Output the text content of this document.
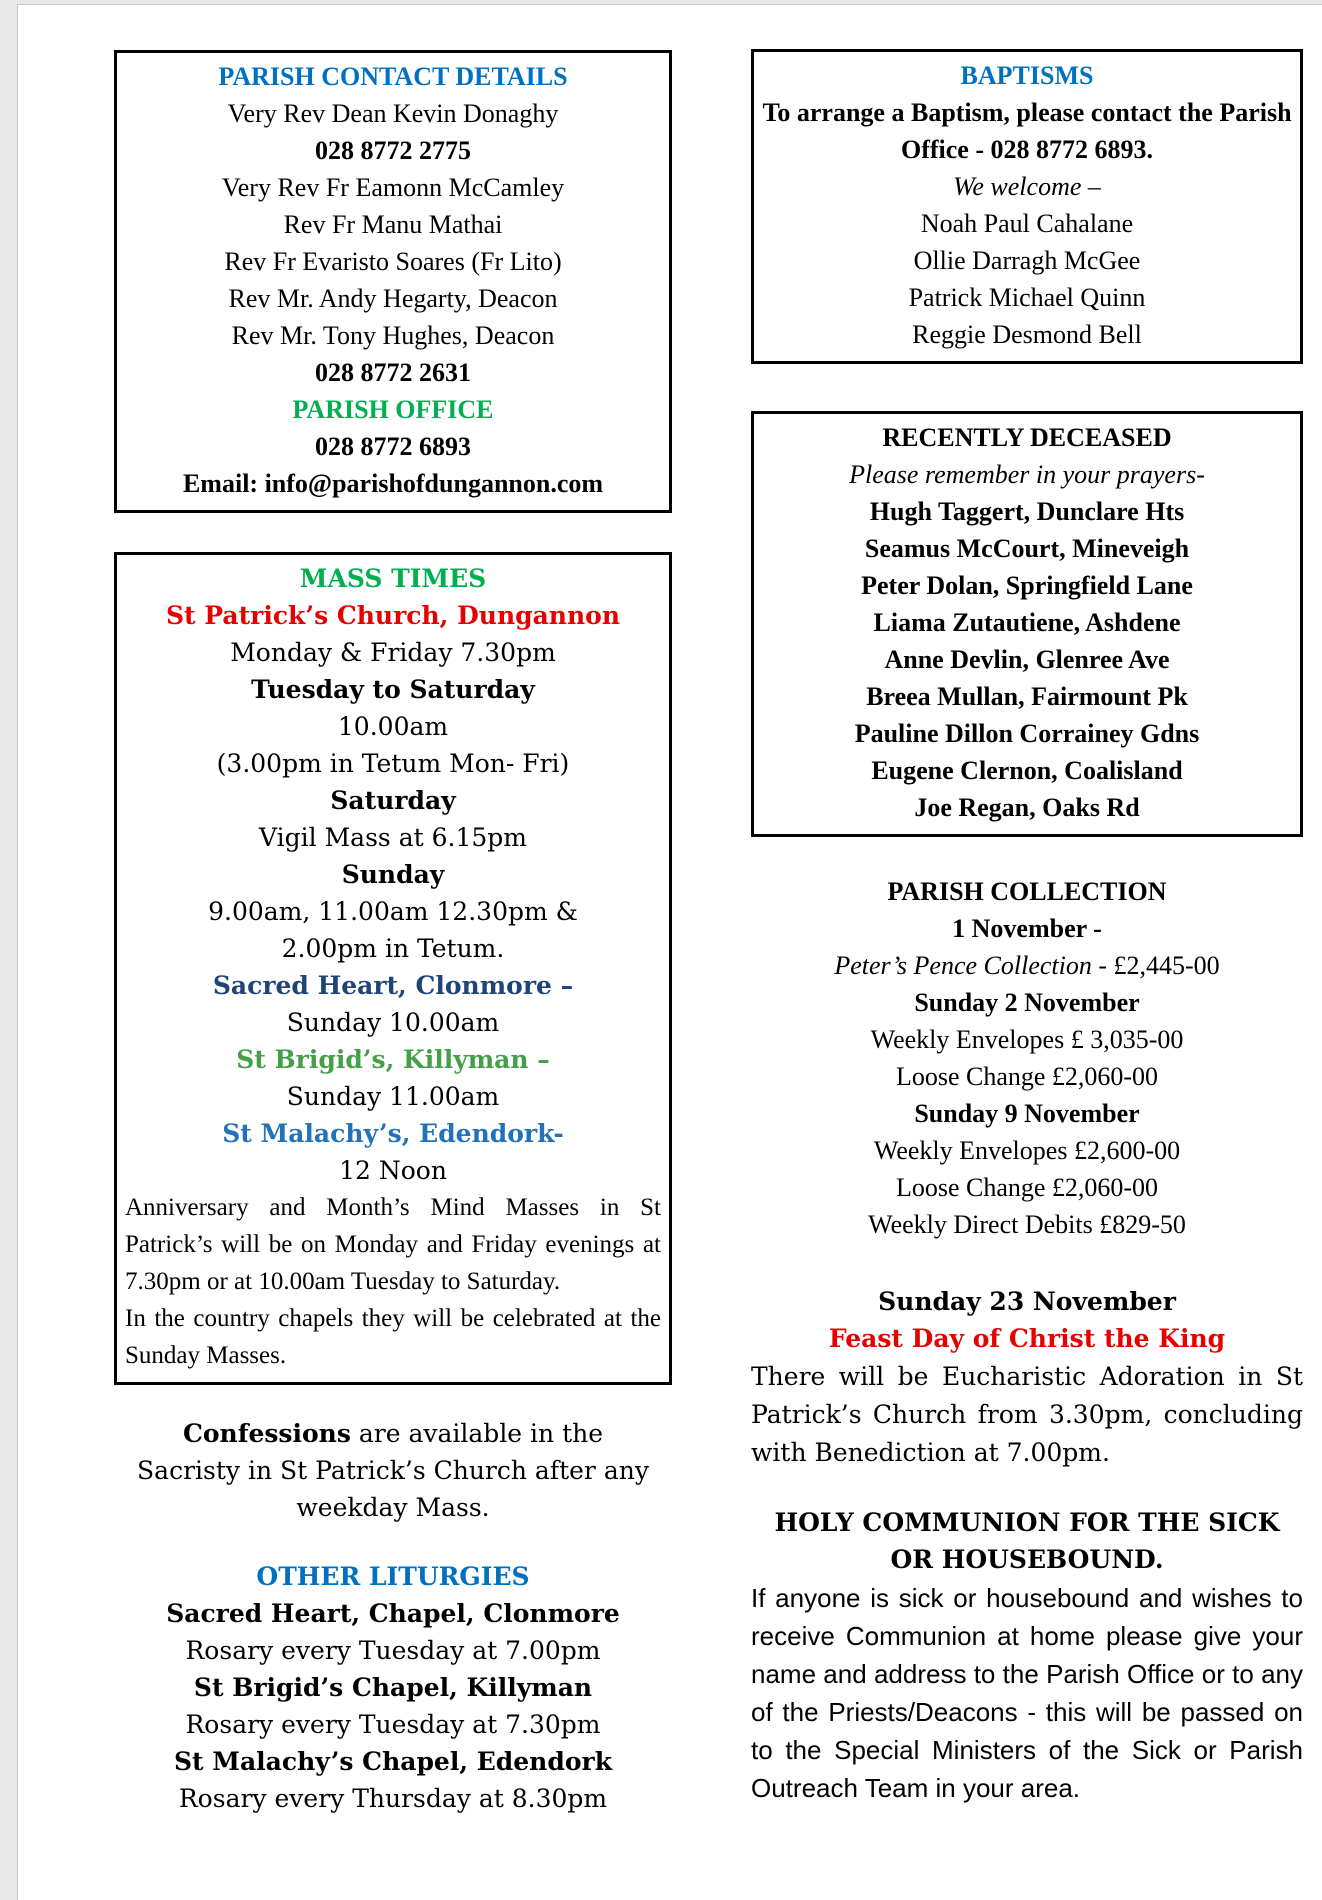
PARISH CONTACT DETAILS
Very Rev Dean Kevin Donaghy
028 8772 2775
Very Rev Fr Eamonn McCamley
Rev Fr Manu Mathai
Rev Fr Evaristo Soares (Fr Lito)
Rev Mr. Andy Hegarty, Deacon
Rev Mr. Tony Hughes, Deacon
028 8772 2631
PARISH OFFICE
028 8772 6893
Email: info@parishofdungannon.com
MASS TIMES
St Patrick’s Church, Dungannon
Monday & Friday 7.30pm
Tuesday to Saturday
10.00am
(3.00pm in Tetum Mon- Fri)
Saturday
Vigil Mass at 6.15pm
Sunday
9.00am, 11.00am 12.30pm &
2.00pm in Tetum.
Sacred Heart, Clonmore –
Sunday 10.00am
St Brigid’s, Killyman –
Sunday 11.00am
St Malachy’s, Edendork-
12 Noon
Anniversary and Month’s Mind Masses in St Patrick’s will be on Monday and Friday evenings at 7.30pm or at 10.00am Tuesday to Saturday.
In the country chapels they will be celebrated at the Sunday Masses.
Confessions are available in the Sacristy in St Patrick’s Church after any weekday Mass.
OTHER LITURGIES
Sacred Heart, Chapel, Clonmore
Rosary every Tuesday at 7.00pm
St Brigid’s Chapel, Killyman
Rosary every Tuesday at 7.30pm
St Malachy’s Chapel, Edendork
Rosary every Thursday at 8.30pm
BAPTISMS
To arrange a Baptism, please contact the Parish Office - 028 8772 6893.
We welcome –
Noah Paul Cahalane
Ollie Darragh McGee
Patrick Michael Quinn
Reggie Desmond Bell
RECENTLY DECEASED
Please remember in your prayers-
Hugh Taggert, Dunclare Hts
Seamus McCourt, Mineveigh
Peter Dolan, Springfield Lane
Liama Zutautiene, Ashdene
Anne Devlin, Glenree Ave
Breea Mullan, Fairmount Pk
Pauline Dillon Corrainey Gdns
Eugene Clernon, Coalisland
Joe Regan, Oaks Rd
PARISH COLLECTION
1 November -
Peter’s Pence Collection - £2,445-00
Sunday 2 November
Weekly Envelopes £ 3,035-00
Loose Change £2,060-00
Sunday 9 November
Weekly Envelopes £2,600-00
Loose Change £2,060-00
Weekly Direct Debits £829-50
Sunday 23 November
Feast Day of Christ the King
There will be Eucharistic Adoration in St Patrick’s Church from 3.30pm, concluding with Benediction at 7.00pm.
HOLY COMMUNION FOR THE SICK OR HOUSEBOUND.
If anyone is sick or housebound and wishes to receive Communion at home please give your name and address to the Parish Office or to any of the Priests/Deacons - this will be passed on to the Special Ministers of the Sick or Parish Outreach Team in your area.
